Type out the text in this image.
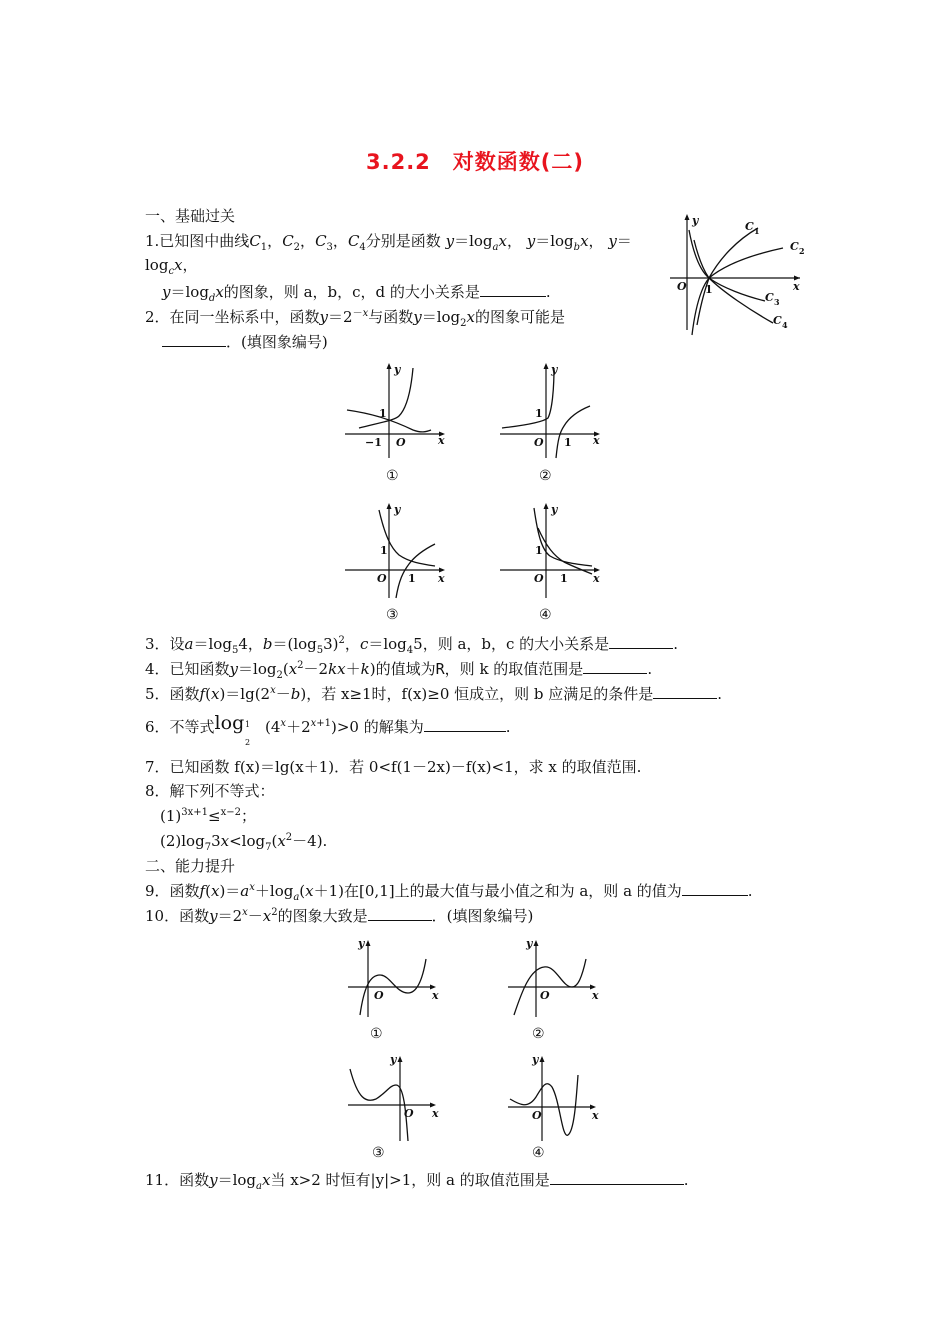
3.2.2　对数函数(二)
一、基础过关
1.已知图中曲线$C_1$，$C_2$，$C_3$，$C_4$分别是函数 $y=\log_ax$， $y=\log_bx$， y＝
$\log_cx$，
$y=\log_dx$的图象，则 a，b，c，d 的大小关系是	.
y
x
O 1
C 1
C 2
C 3
C 4
2．在同一坐标系中，函数$y=2^{-x}$与函数$y=\log_2x$的图象可能是
．(填图象编号)
y
x
O
1
−1
①
y
x
O
1
1
②
y
x
O
1
1
③
y
x
O
1
1
④
3．设$a=\log_54$，$b=(\log_53)^2$，$c=\log_45$，则 a，b，c 的大小关系是	.
4．已知函数$y=\log_2(x^2-2kx+k)$的值域为R，则 k 的取值范围是	.
5．函数$f(x)=\lg(2^x-b)$，若 x≥1时，f(x)≥0 恒成立，则 b 应满足的条件是	.
6．不等式$\log (4^x+2^{x+1})>0$ 的解集为	.
1
2
7．已知函数 f(x)＝lg(x＋1)．若 0<f(1－2x)－f(x)<1，求 x 的取值范围.
8．解下列不等式：
$(1)^{3x+1}\le^{x-2}$；
$(2)\log_73x<\log_7(x^2-4)$.
二、能力提升
9．函数$f(x)=a^x+\log_a(x+1)$在[0,1]上的最大值与最小值之和为 a，则 a 的值为	.
10．函数$y=2^x-x^2$的图象大致是	．(填图象编号)
y
x
O
①
y
x
O
②
y
x
O
③
y
x
O
④
11．函数$y=\log_ax$当 x>2 时恒有|y|>1，则 a 的取值范围是	.
